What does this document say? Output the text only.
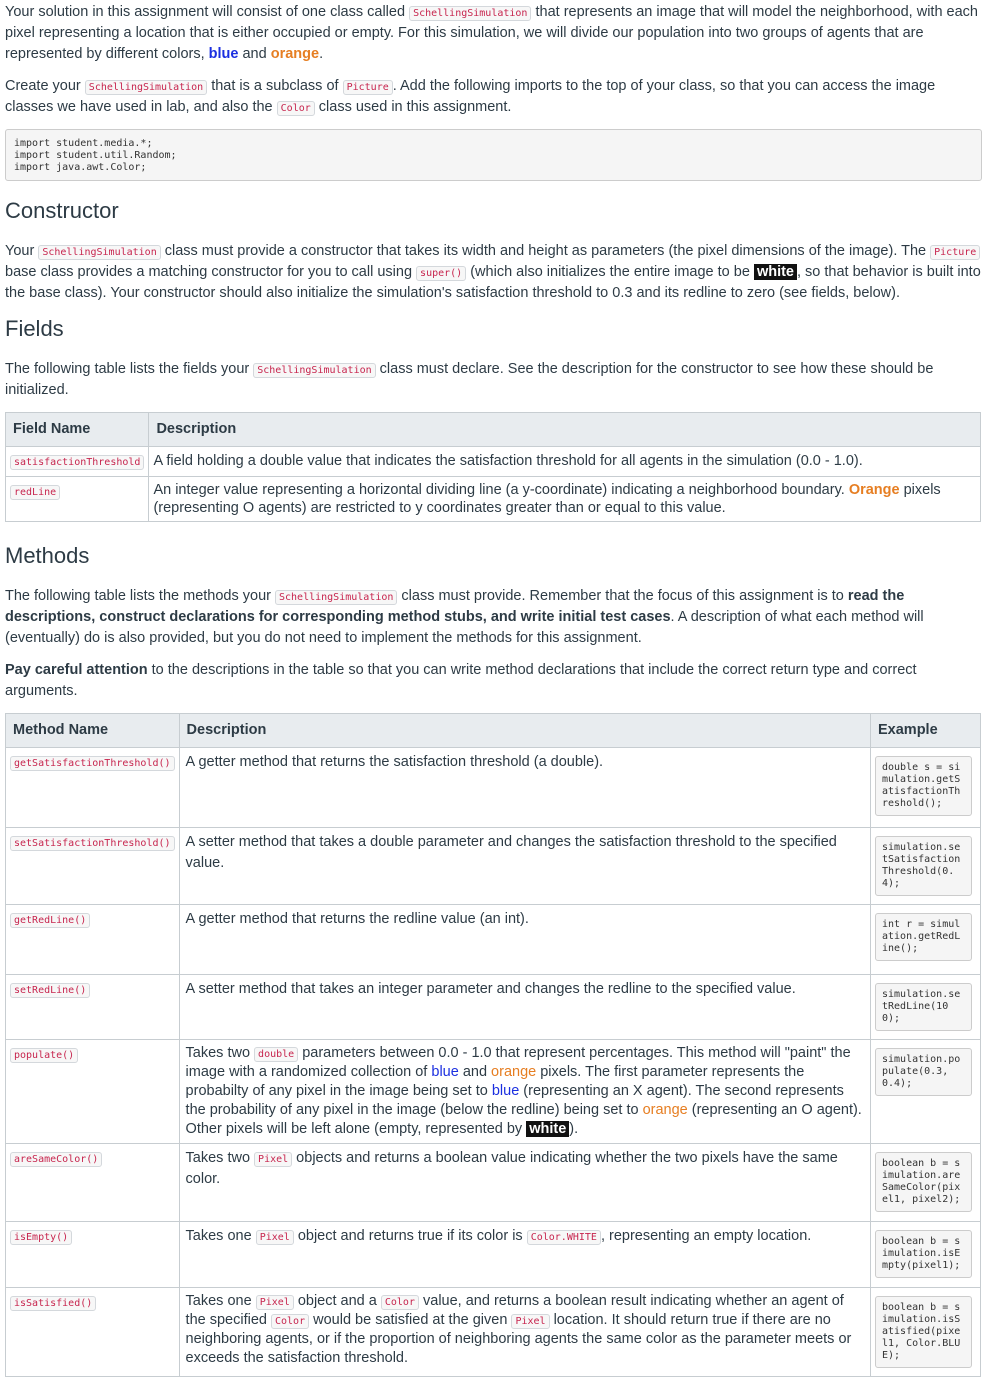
Your solution in this assignment will consist of one class called SchellingSimulation that represents an image that will model the neighborhood, with each pixel representing a location that is either occupied or empty. For this simulation, we will divide our population into two groups of agents that are represented by different colors, blue and orange.

Create your SchellingSimulation that is a subclass of Picture . Add the following imports to the top of your class, so that you can access the image classes we have used in lab, and also the Color class used in this assignment.

import student.media.*;
import student.util.Random;
import java.awt.Color;
Constructor

Your SchellingSimulation class must provide a constructor that takes its width and height as parameters (the pixel dimensions of the image). The Picture base class provides a matching constructor for you to call using super() (which also initializes the entire image to be white , so that behavior is built into the base class). Your constructor should also initialize the simulation's satisfaction threshold to 0.3 and its redline to zero (see fields, below).

Fields

The following table lists the fields your SchellingSimulation class must declare. See the description for the constructor to see how these should be initialized.

Field Name	Description
satisfactionThreshold	A field holding a double value that indicates the satisfaction threshold for all agents in the simulation (0.0 - 1.0).
redLine	An integer value representing a horizontal dividing line (a y-coordinate) indicating a neighborhood boundary. Orange pixels (representing O agents) are restricted to y coordinates greater than or equal to this value.
Methods

The following table lists the methods your SchellingSimulation class must provide. Remember that the focus of this assignment is to read the descriptions, construct declarations for corresponding method stubs, and write initial test cases. A description of what each method will (eventually) do is also provided, but you do not need to implement the methods for this assignment.

Pay careful attention to the descriptions in the table so that you can write method declarations that include the correct return type and correct arguments.

Method Name	Description	Example
getSatisfactionThreshold()	A getter method that returns the satisfaction threshold (a double).	double s = simulation.getSatisfactionThreshold();

setSatisfactionThreshold()	A setter method that takes a double parameter and changes the satisfaction threshold to the specified value.	simulation.setSatisfactionThreshold(0.4);

getRedLine()	A getter method that returns the redline value (an int).	int r = simulation.getRedLine();

setRedLine()	A setter method that takes an integer parameter and changes the redline to the specified value.	simulation.setRedLine(100);

populate()	Takes two double parameters between 0.0 - 1.0 that represent percentages. This method will "paint" the image with a randomized collection of blue and orange pixels. The first parameter represents the probabilty of any pixel in the image being set to blue (representing an X agent). The second represents the probability of any pixel in the image (below the redline) being set to orange (representing an O agent). Other pixels will be left alone (empty, represented by white ).	simulation.populate(0.3, 0.4);

areSameColor()	Takes two Pixel objects and returns a boolean value indicating whether the two pixels have the same color.	boolean b = simulation.areSameColor(pixel1, pixel2);

isEmpty()	Takes one Pixel object and returns true if its color is Color.WHITE , representing an empty location.	boolean b = simulation.isEmpty(pixel1);

isSatisfied()	Takes one Pixel object and a Color value, and returns a boolean result indicating whether an agent of the specified Color would be satisfied at the given Pixel location. It should return true if there are no neighboring agents, or if the proportion of neighboring agents the same color as the parameter meets or exceeds the satisfaction threshold.	boolean b = simulation.isSatisfied(pixel1, Color.BLUE);
